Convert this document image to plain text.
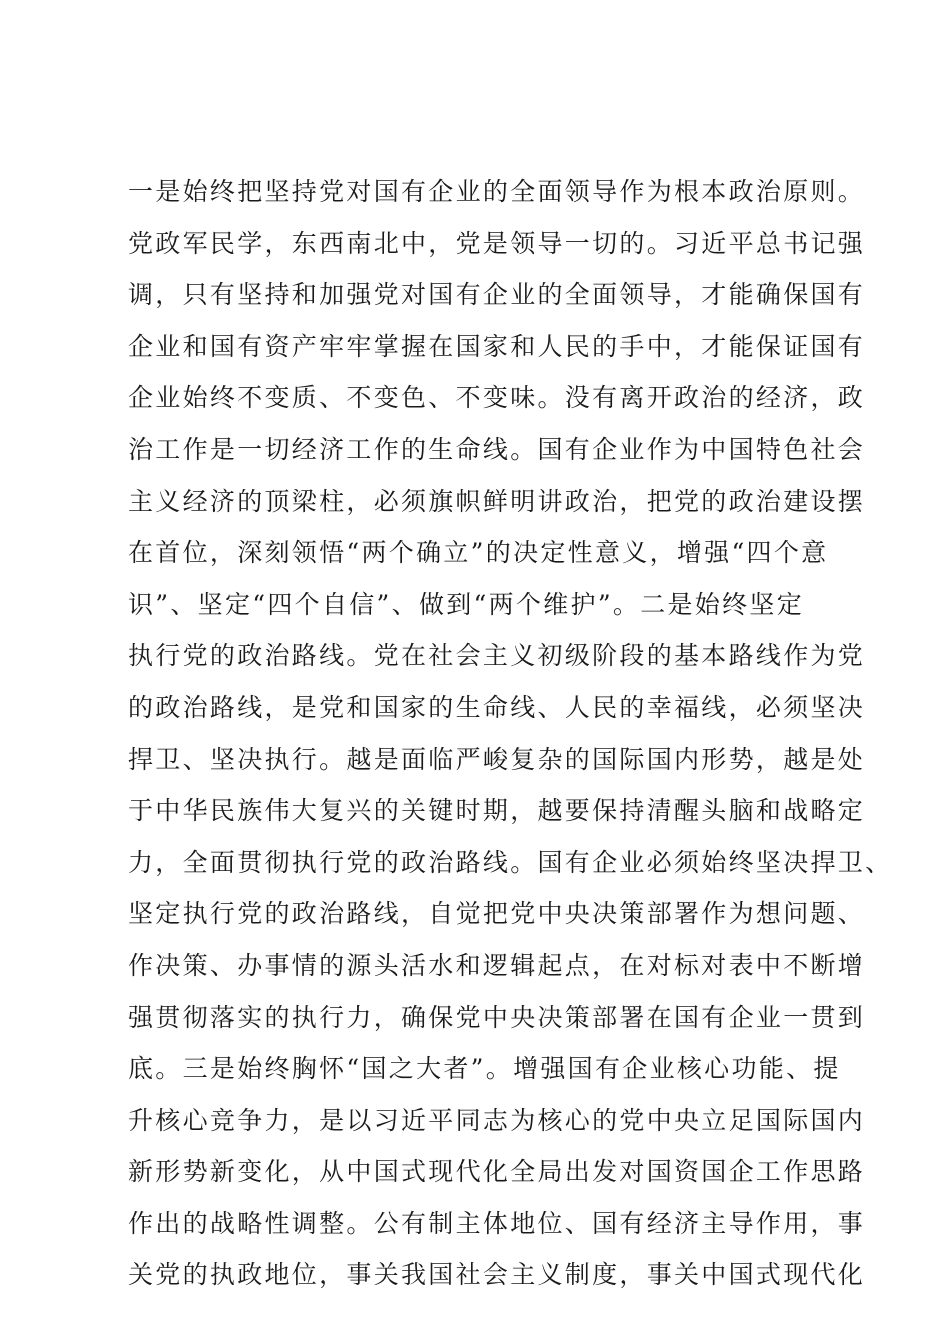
一是始终把坚持党对国有企业的全面领导作为根本政治原则。
党政军民学，东西南北中，党是领导一切的。习近平总书记强
调，只有坚持和加强党对国有企业的全面领导，才能确保国有
企业和国有资产牢牢掌握在国家和人民的手中，才能保证国有
企业始终不变质、不变色、不变味。没有离开政治的经济，政
治工作是一切经济工作的生命线。国有企业作为中国特色社会
主义经济的顶梁柱，必须旗帜鲜明讲政治，把党的政治建设摆
在首位，深刻领悟“两个确立”的决定性意义，增强“四个意
识”、坚定“四个自信”、做到“两个维护”。二是始终坚定
执行党的政治路线。党在社会主义初级阶段的基本路线作为党
的政治路线，是党和国家的生命线、人民的幸福线，必须坚决
捍卫、坚决执行。越是面临严峻复杂的国际国内形势，越是处
于中华民族伟大复兴的关键时期，越要保持清醒头脑和战略定
力，全面贯彻执行党的政治路线。国有企业必须始终坚决捍卫、
坚定执行党的政治路线，自觉把党中央决策部署作为想问题、
作决策、办事情的源头活水和逻辑起点，在对标对表中不断增
强贯彻落实的执行力，确保党中央决策部署在国有企业一贯到
底。三是始终胸怀“国之大者”。增强国有企业核心功能、提
升核心竞争力，是以习近平同志为核心的党中央立足国际国内
新形势新变化，从中国式现代化全局出发对国资国企工作思路
作出的战略性调整。公有制主体地位、国有经济主导作用，事
关党的执政地位，事关我国社会主义制度，事关中国式现代化
